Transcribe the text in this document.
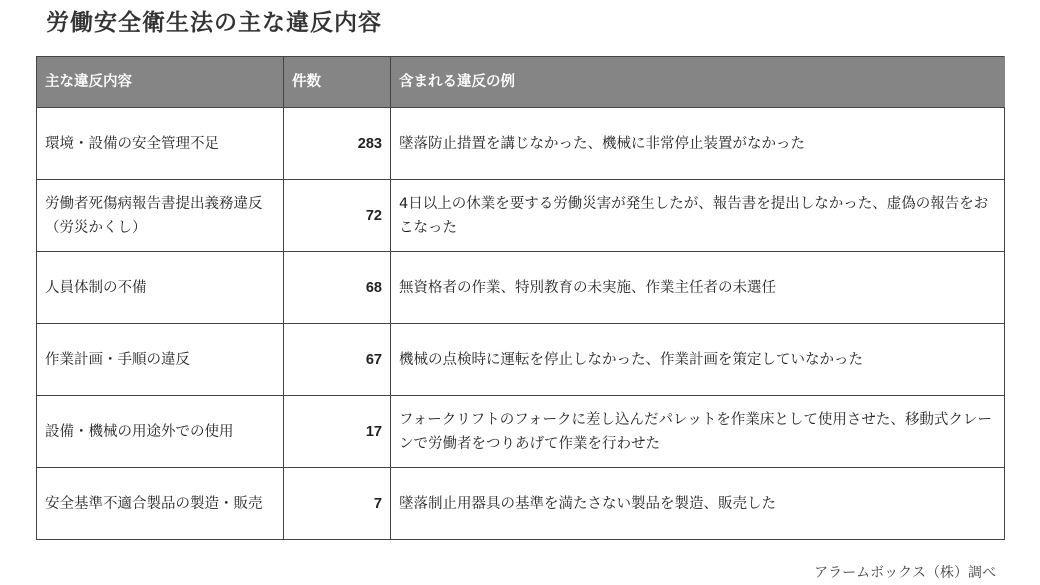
労働安全衛生法の主な違反内容
主な違反内容	件数	含まれる違反の例
環境・設備の安全管理不足	283	墜落防止措置を講じなかった、機械に非常停止装置がなかった
労働者死傷病報告書提出義務違反（労災かくし）	72	4日以上の休業を要する労働災害が発生したが、報告書を提出しなかった、虚偽の報告をおこなった
人員体制の不備	68	無資格者の作業、特別教育の未実施、作業主任者の未選任
作業計画・手順の違反	67	機械の点検時に運転を停止しなかった、作業計画を策定していなかった
設備・機械の用途外での使用	17	フォークリフトのフォークに差し込んだパレットを作業床として使用させた、移動式クレーンで労働者をつりあげて作業を行わせた
安全基準不適合製品の製造・販売	7	墜落制止用器具の基準を満たさない製品を製造、販売した
アラームボックス（株）調べ
